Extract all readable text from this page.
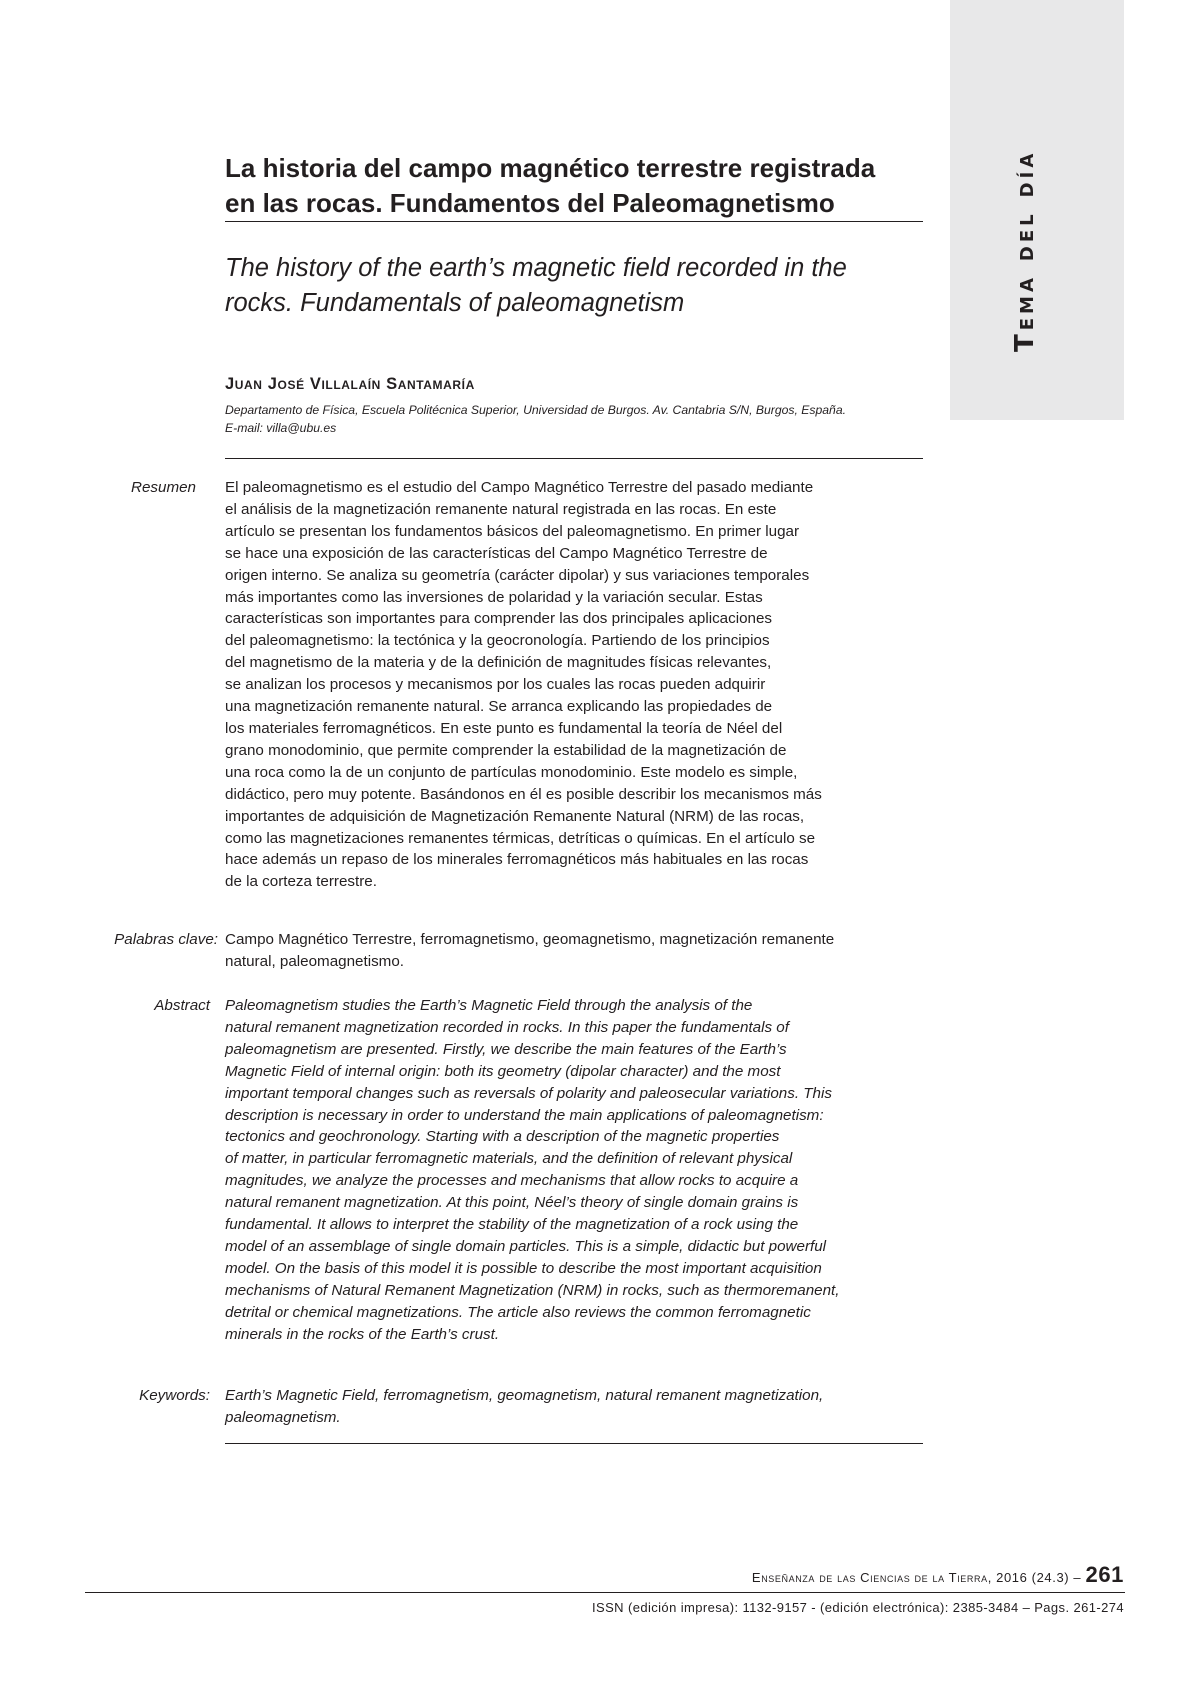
Tema del día
La historia del campo magnético terrestre registrada
en las rocas. Fundamentos del Paleomagnetismo
The history of the earth’s magnetic field recorded in the
rocks. Fundamentals of paleomagnetism
Juan José Villalaín Santamaría
Departamento de Física, Escuela Politécnica Superior, Universidad de Burgos. Av. Cantabria S/N, Burgos, España.
E-mail: villa@ubu.es
Resumen El paleomagnetismo es el estudio del Campo Magnético Terrestre del pasado mediante
el análisis de la magnetización remanente natural registrada en las rocas. En este
artículo se presentan los fundamentos básicos del paleomagnetismo. En primer lugar
se hace una exposición de las características del Campo Magnético Terrestre de
origen interno. Se analiza su geometría (carácter dipolar) y sus variaciones temporales
más importantes como las inversiones de polaridad y la variación secular. Estas
características son importantes para comprender las dos principales aplicaciones
del paleomagnetismo: la tectónica y la geocronología. Partiendo de los principios
del magnetismo de la materia y de la definición de magnitudes físicas relevantes,
se analizan los procesos y mecanismos por los cuales las rocas pueden adquirir
una magnetización remanente natural. Se arranca explicando las propiedades de
los materiales ferromagnéticos. En este punto es fundamental la teoría de Néel del
grano monodominio, que permite comprender la estabilidad de la magnetización de
una roca como la de un conjunto de partículas monodominio. Este modelo es simple,
didáctico, pero muy potente. Basándonos en él es posible describir los mecanismos más
importantes de adquisición de Magnetización Remanente Natural (NRM) de las rocas,
como las magnetizaciones remanentes térmicas, detríticas o químicas. En el artículo se
hace además un repaso de los minerales ferromagnéticos más habituales en las rocas
de la corteza terrestre.
Palabras clave: Campo Magnético Terrestre, ferromagnetismo, geomagnetismo, magnetización remanente
natural, paleomagnetismo.
Abstract Paleomagnetism studies the Earth’s Magnetic Field through the analysis of the
natural remanent magnetization recorded in rocks. In this paper the fundamentals of
paleomagnetism are presented. Firstly, we describe the main features of the Earth’s
Magnetic Field of internal origin: both its geometry (dipolar character) and the most
important temporal changes such as reversals of polarity and paleosecular variations. This
description is necessary in order to understand the main applications of paleomagnetism:
tectonics and geochronology. Starting with a description of the magnetic properties
of matter, in particular ferromagnetic materials, and the definition of relevant physical
magnitudes, we analyze the processes and mechanisms that allow rocks to acquire a
natural remanent magnetization. At this point, Néel’s theory of single domain grains is
fundamental. It allows to interpret the stability of the magnetization of a rock using the
model of an assemblage of single domain particles. This is a simple, didactic but powerful
model. On the basis of this model it is possible to describe the most important acquisition
mechanisms of Natural Remanent Magnetization (NRM) in rocks, such as thermoremanent,
detrital or chemical magnetizations. The article also reviews the common ferromagnetic
minerals in the rocks of the Earth’s crust.
Keywords: Earth’s Magnetic Field, ferromagnetism, geomagnetism, natural remanent magnetization,
paleomagnetism.
Enseñanza de las Ciencias de la Tierra, 2016 (24.3) – 261
ISSN (edición impresa): 1132-9157 - (edición electrónica): 2385-3484 – Pags. 261-274
